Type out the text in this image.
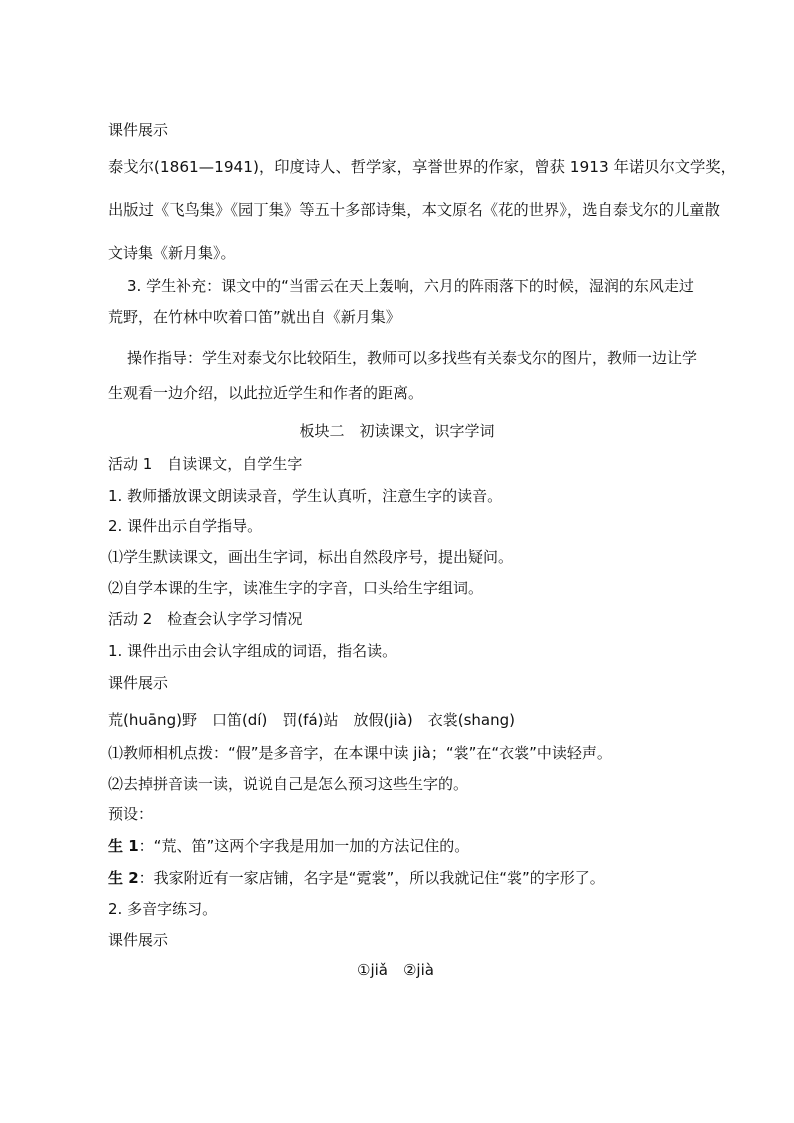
课件展示
泰戈尔(1861—1941)，印度诗人、哲学家，享誉世界的作家，曾获 1913 年诺贝尔文学奖，
出版过《飞鸟集》《园丁集》等五十多部诗集，本文原名《花的世界》，选自泰戈尔的儿童散
文诗集《新月集》。
3. 学生补充：课文中的“当雷云在天上轰响，六月的阵雨落下的时候，湿润的东风走过
荒野，在竹林中吹着口笛”就出自《新月集》
操作指导：学生对泰戈尔比较陌生，教师可以多找些有关泰戈尔的图片，教师一边让学
生观看一边介绍，以此拉近学生和作者的距离。
板块二　初读课文，识字学词
活动 1　自读课文，自学生字
1. 教师播放课文朗读录音，学生认真听，注意生字的读音。
2. 课件出示自学指导。
⑴学生默读课文，画出生字词，标出自然段序号，提出疑问。
⑵自学本课的生字，读准生字的字音，口头给生字组词。
活动 2　检查会认字学习情况
1. 课件出示由会认字组成的词语，指名读。
课件展示
荒(huāng)野　口笛(dí)　罚(fá)站　放假(jià)　衣裳(shang)
⑴教师相机点拨：“假”是多音字，在本课中读 jià；“裳”在“衣裳”中读轻声。
⑵去掉拼音读一读，说说自己是怎么预习这些生字的。
预设：
生 1：“荒、笛”这两个字我是用加一加的方法记住的。
生 2：我家附近有一家店铺，名字是“霓裳”，所以我就记住“裳”的字形了。
2. 多音字练习。
课件展示
①jiǎ　②jià
